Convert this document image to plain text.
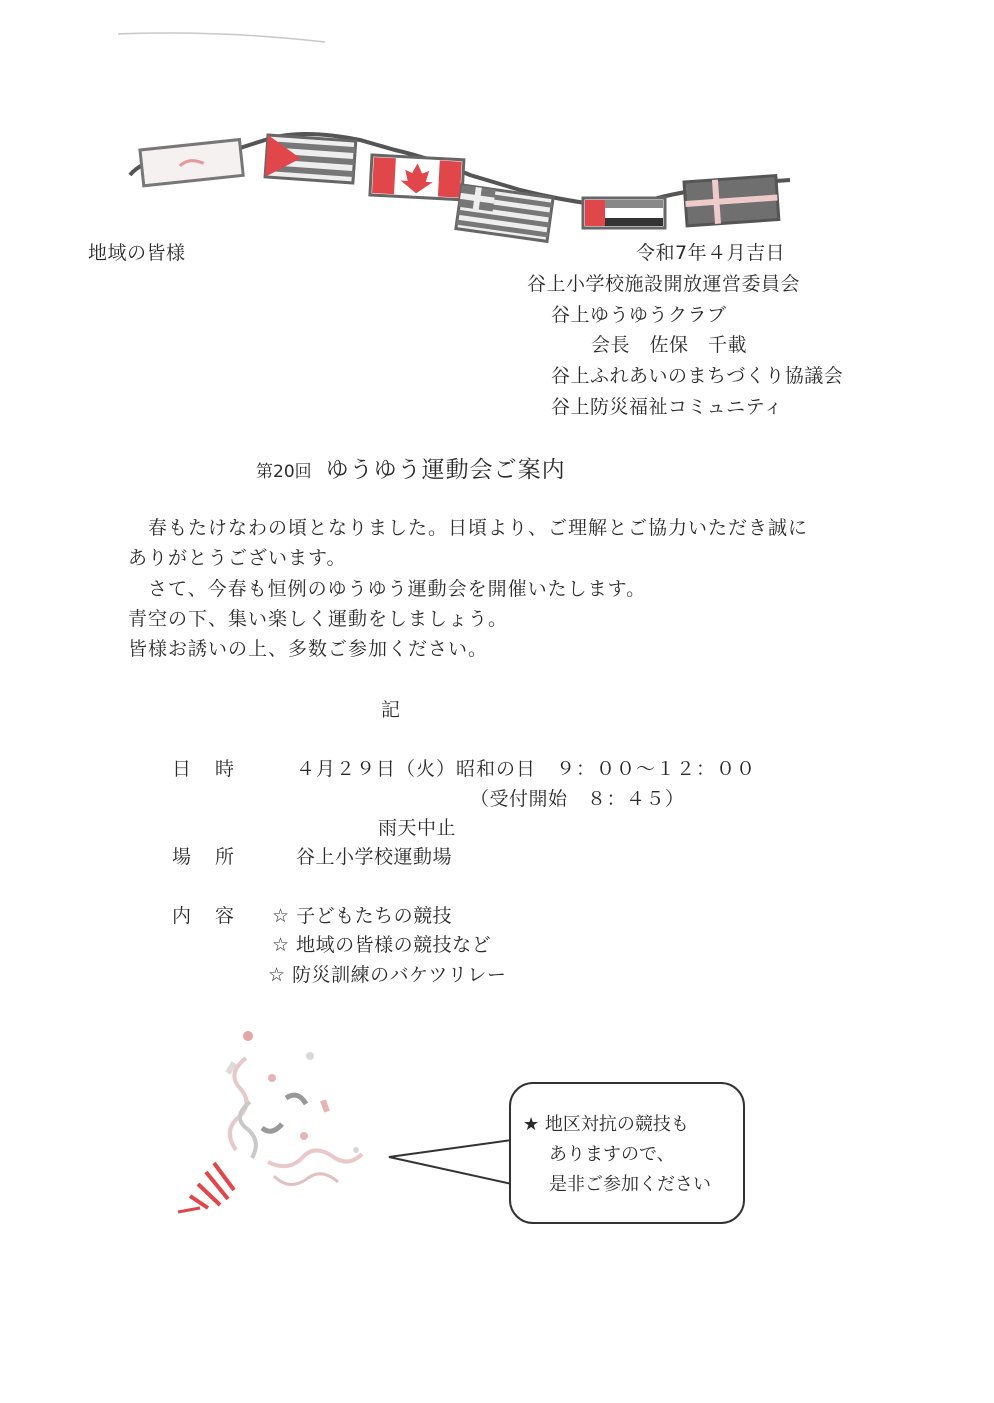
地域の皆様	令和7年４月吉日
谷上小学校施設開放運営委員会
谷上ゆうゆうクラブ
会長　佐保　千載
谷上ふれあいのまちづくり協議会
谷上防災福祉コミュニティ
第20回 ゆうゆう運動会ご案内
　春もたけなわの頃となりました。日頃より、ご理解とご協力いただき誠に
ありがとうございます。
　さて、今春も恒例のゆうゆう運動会を開催いたします。
青空の下、集い楽しく運動をしましょう。
皆様お誘いの上、多数ご参加ください。
記
日時 ４月２９日（火）昭和の日　９：００～１２：００
（受付開始　８：４５）
雨天中止
場所 谷上小学校運動場
内容 ☆ 子どもたちの競技
☆ 地域の皆様の競技など
☆ 防災訓練のバケツリレー
★ 地区対抗の競技も
ありますので、
是非ご参加ください
